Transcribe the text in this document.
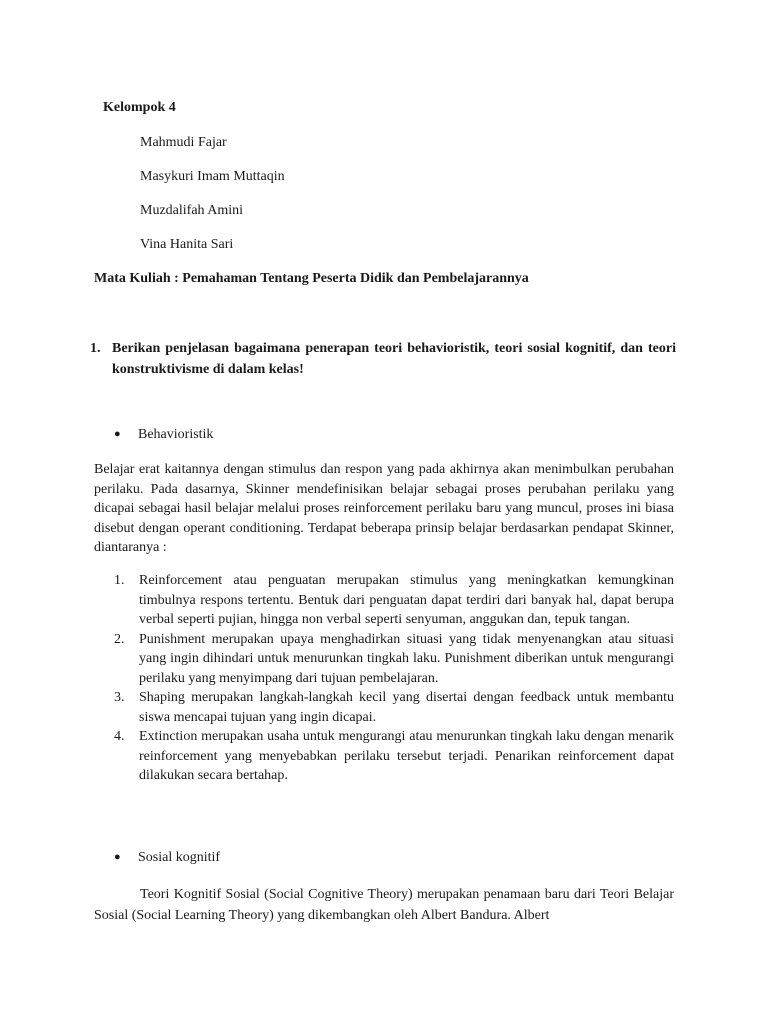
Kelompok 4

Mahmudi Fajar

Masykuri Imam Muttaqin

Muzdalifah Amini

Vina Hanita Sari

Mata Kuliah : Pemahaman Tentang Peserta Didik dan Pembelajarannya

1. Berikan penjelasan bagaimana penerapan teori behavioristik, teori sosial kognitif, dan teori konstruktivisme di dalam kelas!

● Behavioristik

Belajar erat kaitannya dengan stimulus dan respon yang pada akhirnya akan menimbulkan perubahan perilaku. Pada dasarnya, Skinner mendefinisikan belajar sebagai proses perubahan perilaku yang dicapai sebagai hasil belajar melalui proses reinforcement perilaku baru yang muncul, proses ini biasa disebut dengan operant conditioning. Terdapat beberapa prinsip belajar berdasarkan pendapat Skinner, diantaranya :

1. Reinforcement atau penguatan merupakan stimulus yang meningkatkan kemungkinan timbulnya respons tertentu. Bentuk dari penguatan dapat terdiri dari banyak hal, dapat berupa verbal seperti pujian, hingga non verbal seperti senyuman, anggukan dan, tepuk tangan.
2. Punishment merupakan upaya menghadirkan situasi yang tidak menyenangkan atau situasi yang ingin dihindari untuk menurunkan tingkah laku. Punishment diberikan untuk mengurangi perilaku yang menyimpang dari tujuan pembelajaran.
3. Shaping merupakan langkah-langkah kecil yang disertai dengan feedback untuk membantu siswa mencapai tujuan yang ingin dicapai.
4. Extinction merupakan usaha untuk mengurangi atau menurunkan tingkah laku dengan menarik reinforcement yang menyebabkan perilaku tersebut terjadi. Penarikan reinforcement dapat dilakukan secara bertahap.

● Sosial kognitif

Teori Kognitif Sosial (Social Cognitive Theory) merupakan penamaan baru dari Teori Belajar Sosial (Social Learning Theory) yang dikembangkan oleh Albert Bandura. Albert
